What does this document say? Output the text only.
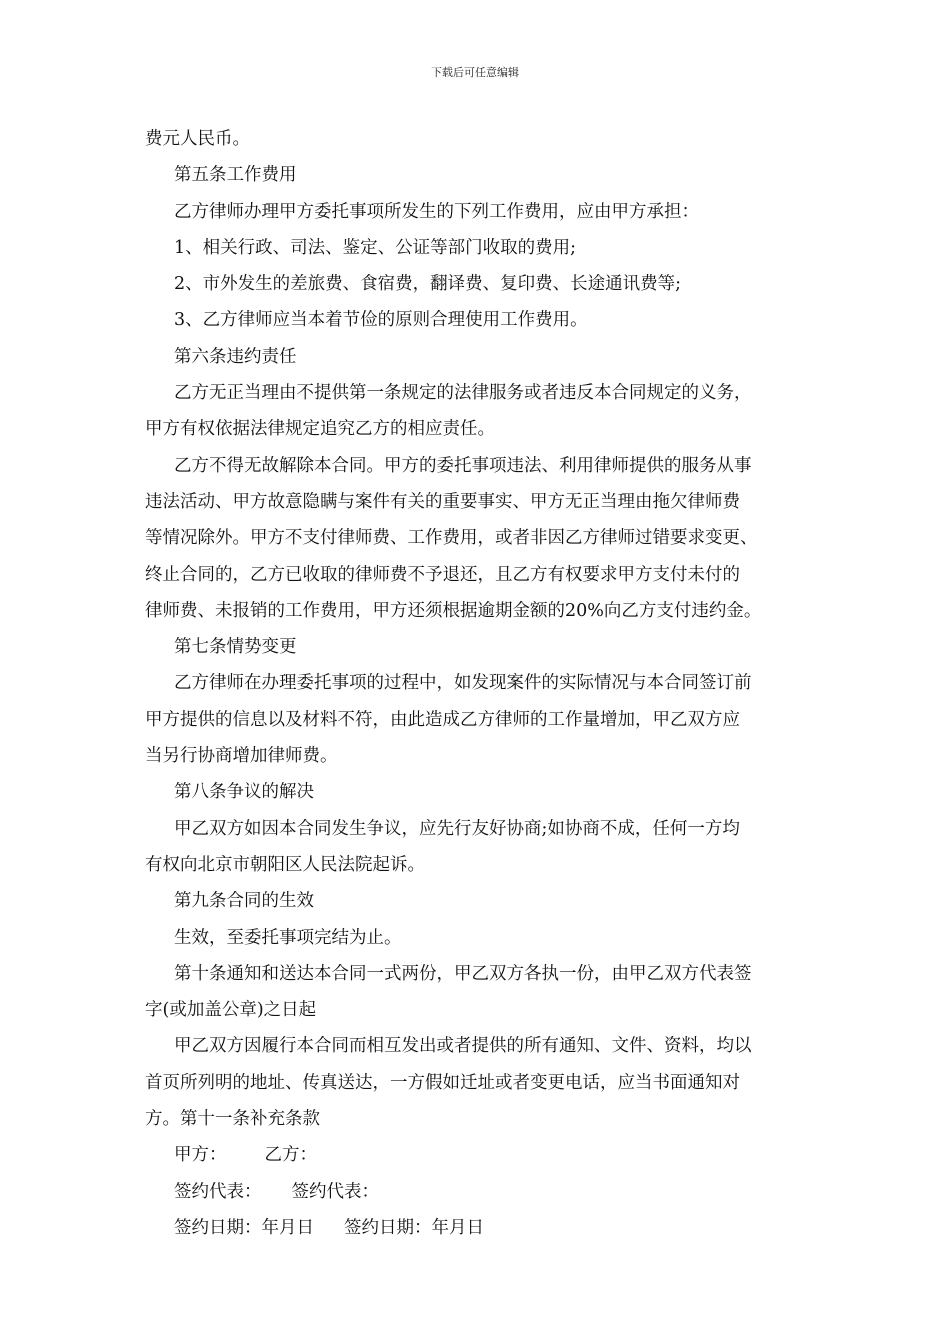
下载后可任意编辑
费元人民币。
第五条工作费用
乙方律师办理甲方委托事项所发生的下列工作费用，应由甲方承担：
1、相关行政、司法、鉴定、公证等部门收取的费用;
2、市外发生的差旅费、食宿费，翻译费、复印费、长途通讯费等;
3、乙方律师应当本着节俭的原则合理使用工作费用。
第六条违约责任
乙方无正当理由不提供第一条规定的法律服务或者违反本合同规定的义务，
甲方有权依据法律规定追究乙方的相应责任。
乙方不得无故解除本合同。甲方的委托事项违法、利用律师提供的服务从事
违法活动、甲方故意隐瞒与案件有关的重要事实、甲方无正当理由拖欠律师费
等情况除外。甲方不支付律师费、工作费用，或者非因乙方律师过错要求变更、
终止合同的，乙方已收取的律师费不予退还，且乙方有权要求甲方支付未付的
律师费、未报销的工作费用，甲方还须根据逾期金额的20%向乙方支付违约金。
第七条情势变更
乙方律师在办理委托事项的过程中，如发现案件的实际情况与本合同签订前
甲方提供的信息以及材料不符，由此造成乙方律师的工作量增加，甲乙双方应
当另行协商增加律师费。
第八条争议的解决
甲乙双方如因本合同发生争议，应先行友好协商;如协商不成，任何一方均
有权向北京市朝阳区人民法院起诉。
第九条合同的生效
生效，至委托事项完结为止。
第十条通知和送达本合同一式两份，甲乙双方各执一份，由甲乙双方代表签
字(或加盖公章)之日起
甲乙双方因履行本合同而相互发出或者提供的所有通知、文件、资料，均以
首页所列明的地址、传真送达，一方假如迁址或者变更电话，应当书面通知对
方。第十一条补充条款
甲方： 乙方：
签约代表： 签约代表：
签约日期：年月日 签约日期：年月日
